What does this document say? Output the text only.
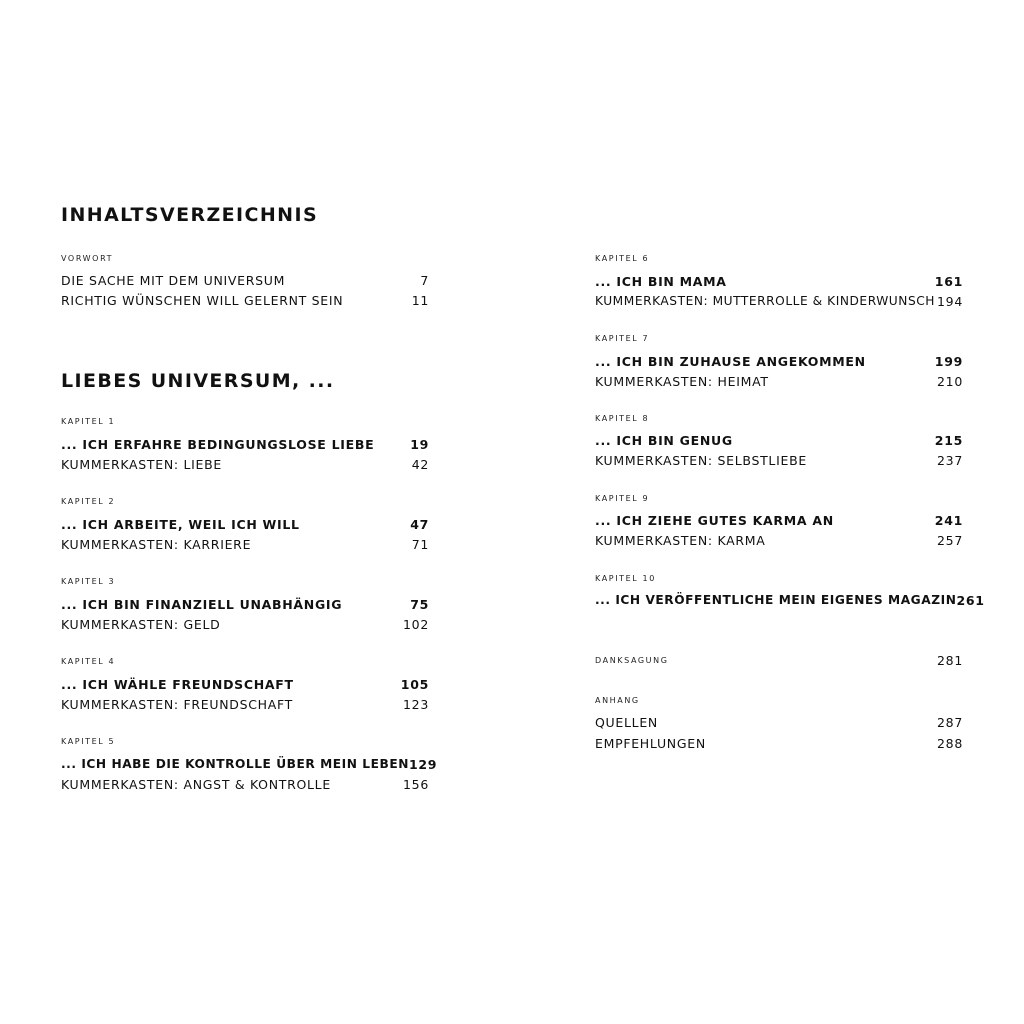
INHALTSVERZEICHNIS
VORWORT
DIE SACHE MIT DEM UNIVERSUM	7
RICHTIG WÜNSCHEN WILL GELERNT SEIN	11
LIEBES UNIVERSUM, ...
KAPITEL 1
... ICH ERFAHRE BEDINGUNGSLOSE LIEBE	19
KUMMERKASTEN: LIEBE	42
KAPITEL 2
... ICH ARBEITE, WEIL ICH WILL	47
KUMMERKASTEN: KARRIERE	71
KAPITEL 3
... ICH BIN FINANZIELL UNABHÄNGIG	75
KUMMERKASTEN: GELD	102
KAPITEL 4
... ICH WÄHLE FREUNDSCHAFT	105
KUMMERKASTEN: FREUNDSCHAFT	123
KAPITEL 5
... ICH HABE DIE KONTROLLE ÜBER MEIN LEBEN 129
KUMMERKASTEN: ANGST & KONTROLLE	156
KAPITEL 6
... ICH BIN MAMA	161
KUMMERKASTEN: MUTTERROLLE & KINDERWUNSCH 194
KAPITEL 7
... ICH BIN ZUHAUSE ANGEKOMMEN	199
KUMMERKASTEN: HEIMAT	210
KAPITEL 8
... ICH BIN GENUG	215
KUMMERKASTEN: SELBSTLIEBE	237
KAPITEL 9
... ICH ZIEHE GUTES KARMA AN	241
KUMMERKASTEN: KARMA	257
KAPITEL 10
... ICH VERÖFFENTLICHE MEIN EIGENES MAGAZIN 261
DANKSAGUNG	281
ANHANG
QUELLEN	287
EMPFEHLUNGEN	288
